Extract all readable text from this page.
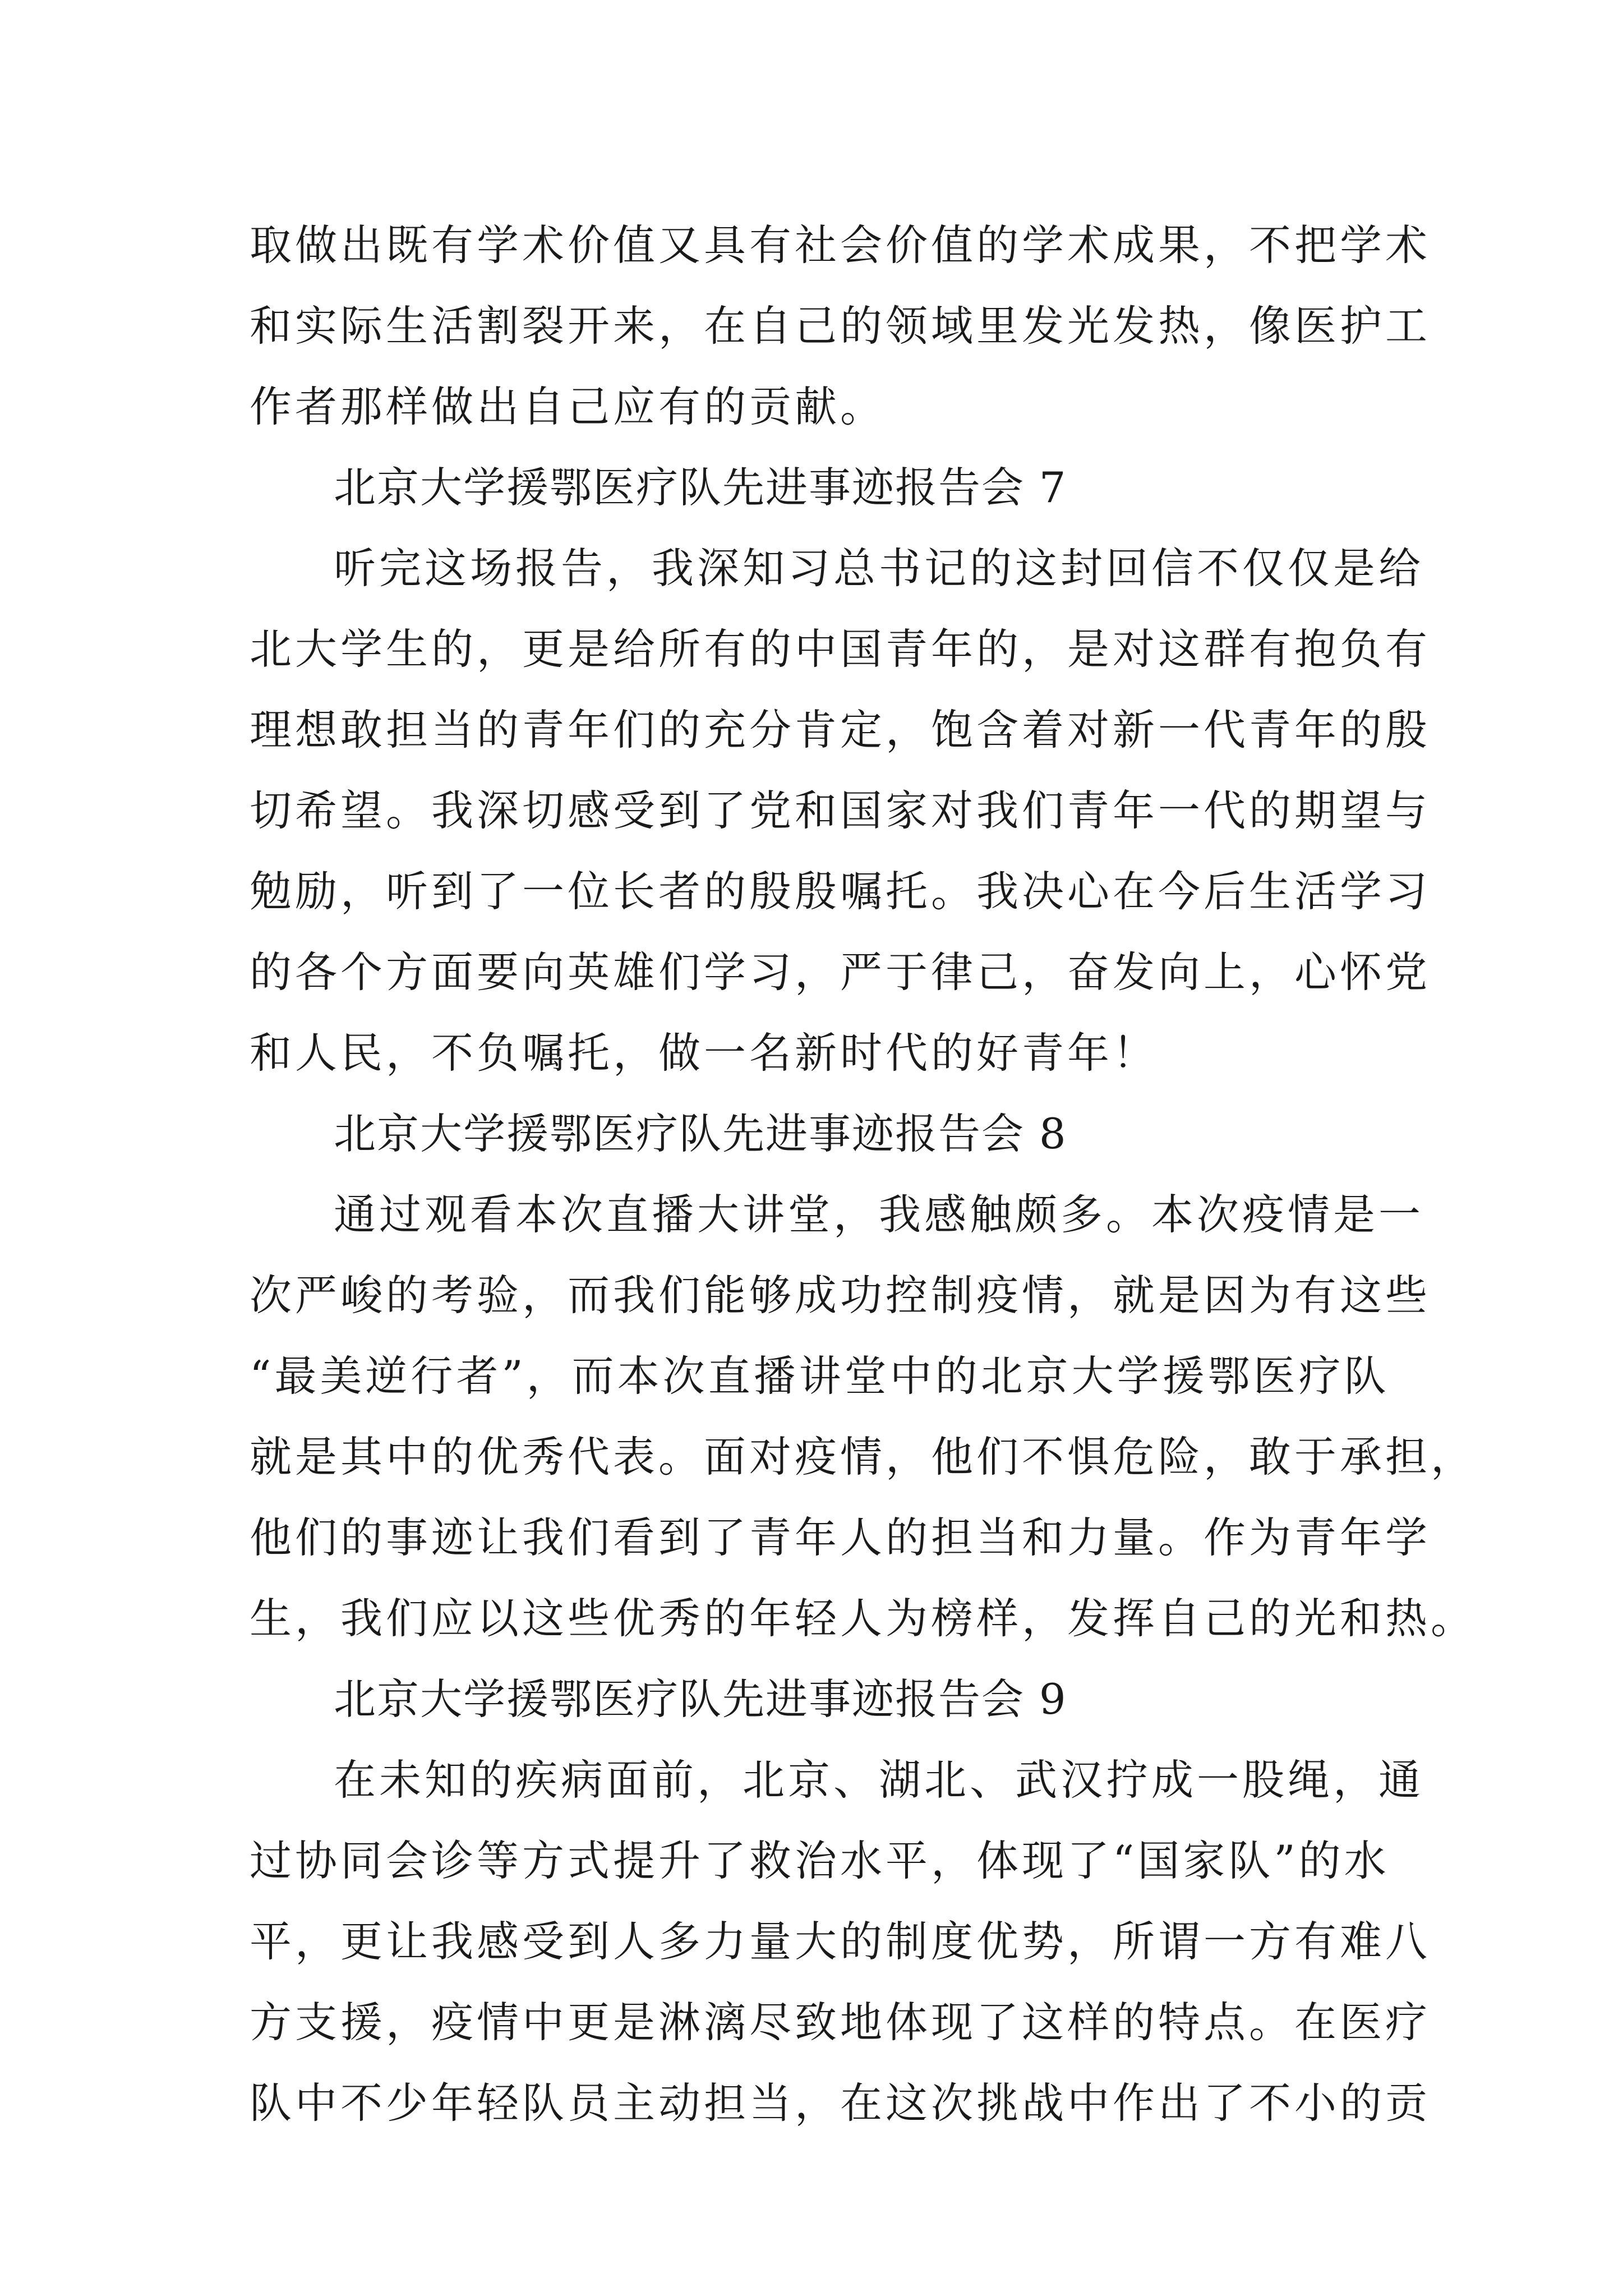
取做出既有学术价值又具有社会价值的学术成果，不把学术
和实际生活割裂开来，在自己的领域里发光发热，像医护工
作者那样做出自己应有的贡献。
北京大学援鄂医疗队先进事迹报告会 7
听完这场报告，我深知习总书记的这封回信不仅仅是给
北大学生的，更是给所有的中国青年的，是对这群有抱负有
理想敢担当的青年们的充分肯定，饱含着对新一代青年的殷
切希望。我深切感受到了党和国家对我们青年一代的期望与
勉励，听到了一位长者的殷殷嘱托。我决心在今后生活学习
的各个方面要向英雄们学习，严于律己，奋发向上，心怀党
和人民，不负嘱托，做一名新时代的好青年！
北京大学援鄂医疗队先进事迹报告会 8
通过观看本次直播大讲堂，我感触颇多。本次疫情是一
次严峻的考验，而我们能够成功控制疫情，就是因为有这些
“最美逆行者”，而本次直播讲堂中的北京大学援鄂医疗队
就是其中的优秀代表。面对疫情，他们不惧危险，敢于承担，
他们的事迹让我们看到了青年人的担当和力量。作为青年学
生，我们应以这些优秀的年轻人为榜样，发挥自己的光和热。
北京大学援鄂医疗队先进事迹报告会 9
在未知的疾病面前，北京、湖北、武汉拧成一股绳，通
过协同会诊等方式提升了救治水平，体现了“国家队”的水
平，更让我感受到人多力量大的制度优势，所谓一方有难八
方支援，疫情中更是淋漓尽致地体现了这样的特点。在医疗
队中不少年轻队员主动担当，在这次挑战中作出了不小的贡
